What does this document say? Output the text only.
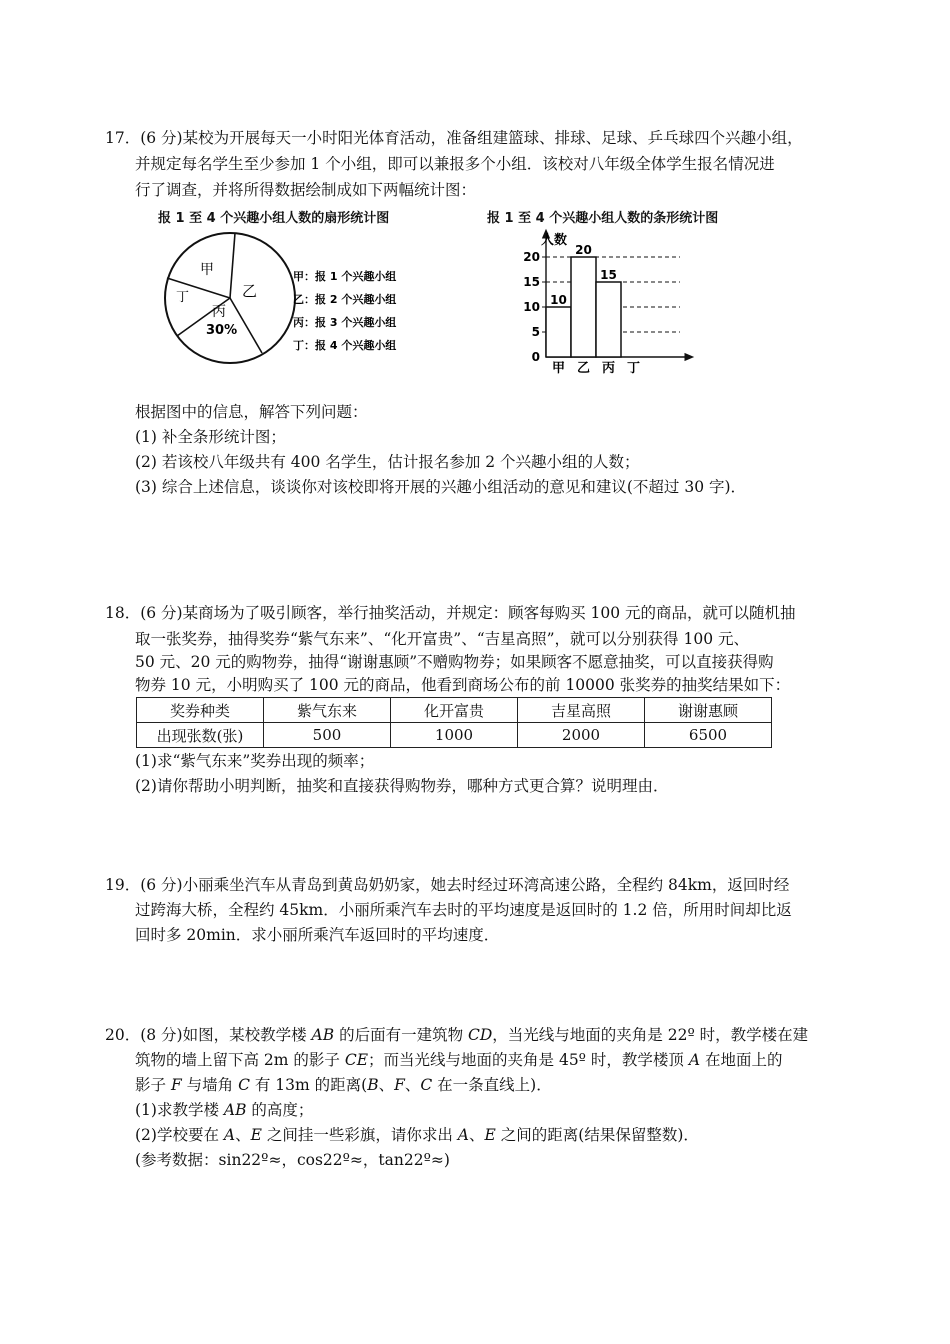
17．(6 分)某校为开展每天一小时阳光体育活动，准备组建篮球、排球、足球、乒乓球四个兴趣小组，
并规定每名学生至少参加 1 个小组，即可以兼报多个小组．该校对八年级全体学生报名情况进
行了调查，并将所得数据绘制成如下两幅统计图：
报 1 至 4 个兴趣小组人数的扇形统计图	报 1 至 4 个兴趣小组人数的条形统计图
甲
乙
丙
30%
丁
甲：报 1 个兴趣小组
乙：报 2 个兴趣小组
丙：报 3 个兴趣小组
丁：报 4 个兴趣小组
人数
0
5
10
15
20
10
甲
20
乙
15
丙 丁
根据图中的信息，解答下列问题：
(1) 补全条形统计图；
(2) 若该校八年级共有 400 名学生，估计报名参加 2 个兴趣小组的人数；
(3) 综合上述信息，谈谈你对该校即将开展的兴趣小组活动的意见和建议(不超过 30 字)．
18．(6 分)某商场为了吸引顾客，举行抽奖活动，并规定：顾客每购买 100 元的商品，就可以随机抽
取一张奖券，抽得奖券“紫气东来”、“化开富贵”、“吉星高照”，就可以分别获得 100 元、
50 元、20 元的购物券，抽得“谢谢惠顾”不赠购物券；如果顾客不愿意抽奖，可以直接获得购
物券 10 元，小明购买了 100 元的商品，他看到商场公布的前 10000 张奖券的抽奖结果如下：
奖券种类	紫气东来	化开富贵	吉星高照	谢谢惠顾
出现张数(张)	500	1000	2000	6500
(1)求“紫气东来”奖券出现的频率；
(2)请你帮助小明判断，抽奖和直接获得购物券，哪种方式更合算？说明理由．
19．(6 分)小丽乘坐汽车从青岛到黄岛奶奶家，她去时经过环湾高速公路，全程约 84km，返回时经
过跨海大桥，全程约 45km．小丽所乘汽车去时的平均速度是返回时的 1.2 倍，所用时间却比返
回时多 20min．求小丽所乘汽车返回时的平均速度．
20．(8 分)如图，某校教学楼 AB 的后面有一建筑物 CD，当光线与地面的夹角是 22º 时，教学楼在建
筑物的墙上留下高 2m 的影子 CE；而当光线与地面的夹角是 45º 时，教学楼顶 A 在地面上的
影子 F 与墙角 C 有 13m 的距离(B、F、C 在一条直线上)．
(1)求教学楼 AB 的高度；
(2)学校要在 A、E 之间挂一些彩旗，请你求出 A、E 之间的距离(结果保留整数)．
(参考数据：sin22º≈，cos22º≈，tan22º≈)
